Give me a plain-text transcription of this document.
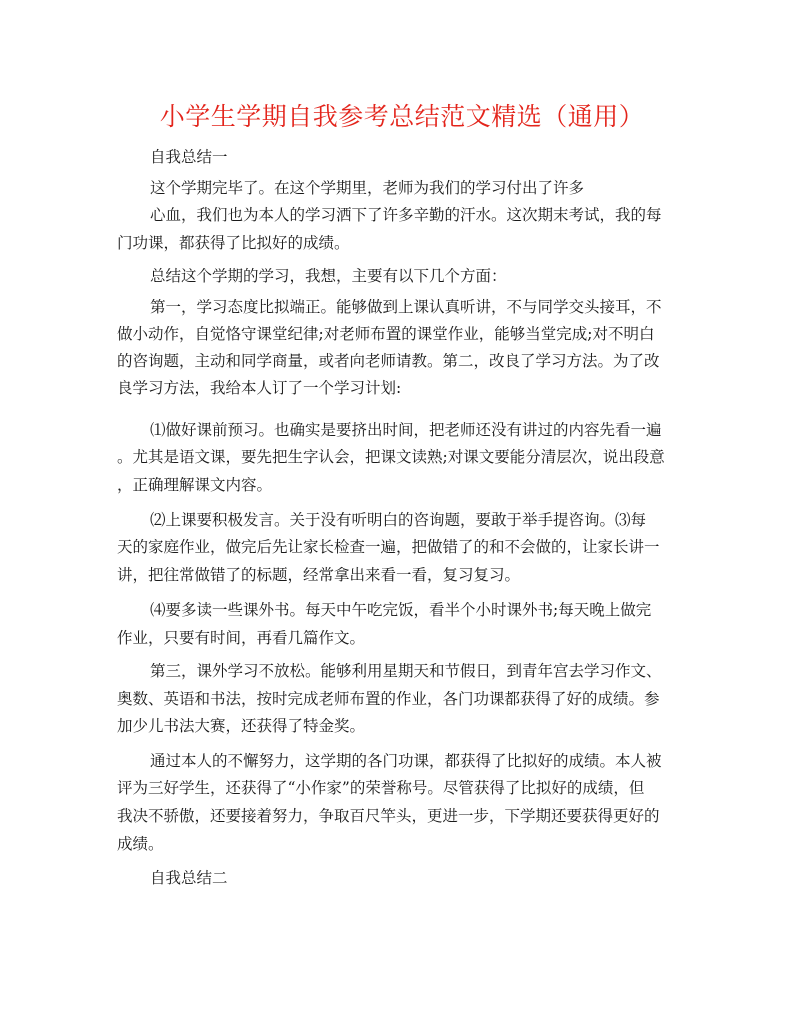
小学生学期自我参考总结范文精选（通用）

自我总结一

这个学期完毕了。在这个学期里，老师为我们的学习付出了许多

心血，我们也为本人的学习洒下了许多辛勤的汗水。这次期末考试，我的每

门功课，都获得了比拟好的成绩。

总结这个学期的学习，我想，主要有以下几个方面：

第一，学习态度比拟端正。能够做到上课认真听讲，不与同学交头接耳，不

做小动作，自觉恪守课堂纪律;对老师布置的课堂作业，能够当堂完成;对不明白

的咨询题，主动和同学商量，或者向老师请教。第二，改良了学习方法。为了改

良学习方法，我给本人订了一个学习计划:

⑴做好课前预习。也确实是要挤出时间，把老师还没有讲过的内容先看一遍

。尤其是语文课，要先把生字认会，把课文读熟;对课文要能分清层次，说出段意

，正确理解课文内容。

⑵上课要积极发言。关于没有听明白的咨询题，要敢于举手提咨询。⑶每

天的家庭作业，做完后先让家长检查一遍，把做错了的和不会做的，让家长讲一

讲，把往常做错了的标题，经常拿出来看一看，复习复习。

⑷要多读一些课外书。每天中午吃完饭，看半个小时课外书;每天晚上做完

作业，只要有时间，再看几篇作文。

第三，课外学习不放松。能够利用星期天和节假日，到青年宫去学习作文、

奥数、英语和书法，按时完成老师布置的作业，各门功课都获得了好的成绩。参

加少儿书法大赛，还获得了特金奖。

通过本人的不懈努力，这学期的各门功课，都获得了比拟好的成绩。本人被

评为三好学生，还获得了“小作家”的荣誉称号。尽管获得了比拟好的成绩，但

我决不骄傲，还要接着努力，争取百尺竿头，更进一步，下学期还要获得更好的

成绩。

自我总结二
